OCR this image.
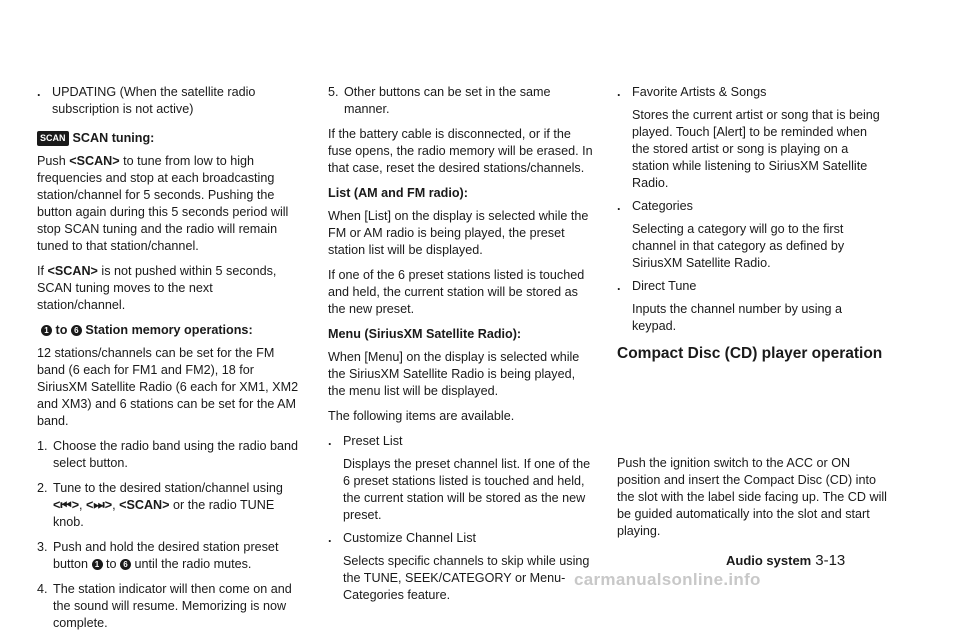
. UPDATING (When the satellite radio subscription is not active)
SCAN SCAN tuning:

Push <SCAN> to tune from low to high frequencies and stop at each broadcasting station/channel for 5 seconds. Pushing the button again during this 5 seconds period will stop SCAN tuning and the radio will remain tuned to that station/channel.

If <SCAN> is not pushed within 5 seconds, SCAN tuning moves to the next station/channel.

1 to 6 Station memory operations:

12 stations/channels can be set for the FM band (6 each for FM1 and FM2), 18 for SiriusXM Satellite Radio (6 each for XM1, XM2 and XM3) and 6 stations can be set for the AM band.

1. Choose the radio band using the radio band select button.
2. Tune to the desired station/channel using <⏮>, <⏭>, <SCAN> or the radio TUNE knob.
3. Push and hold the desired station preset button 1 to 6 until the radio mutes.
4. The station indicator will then come on and the sound will resume. Memorizing is now complete.
5. Other buttons can be set in the same manner.

If the battery cable is disconnected, or if the fuse opens, the radio memory will be erased. In that case, reset the desired stations/channels.

List (AM and FM radio):

When [List] on the display is selected while the FM or AM radio is being played, the preset station list will be displayed.

If one of the 6 preset stations listed is touched and held, the current station will be stored as the new preset.

Menu (SiriusXM Satellite Radio):

When [Menu] on the display is selected while the SiriusXM Satellite Radio is being played, the menu list will be displayed.

The following items are available.

. Preset List
Displays the preset channel list. If one of the 6 preset stations listed is touched and held, the current station will be stored as the new preset.
. Customize Channel List
Selects specific channels to skip while using the TUNE, SEEK/CATEGORY or Menu-Categories feature.
. Favorite Artists & Songs
Stores the current artist or song that is being played. Touch [Alert] to be reminded when the stored artist or song is playing on a station while listening to SiriusXM Satellite Radio.
. Categories
Selecting a category will go to the first channel in that category as defined by SiriusXM Satellite Radio.
. Direct Tune
Inputs the channel number by using a keypad.
Compact Disc (CD) player operation
Push the ignition switch to the ACC or ON position and insert the Compact Disc (CD) into the slot with the label side facing up. The CD will be guided automatically into the slot and start playing.
Audio system 3-13
carmanualsonline.info
